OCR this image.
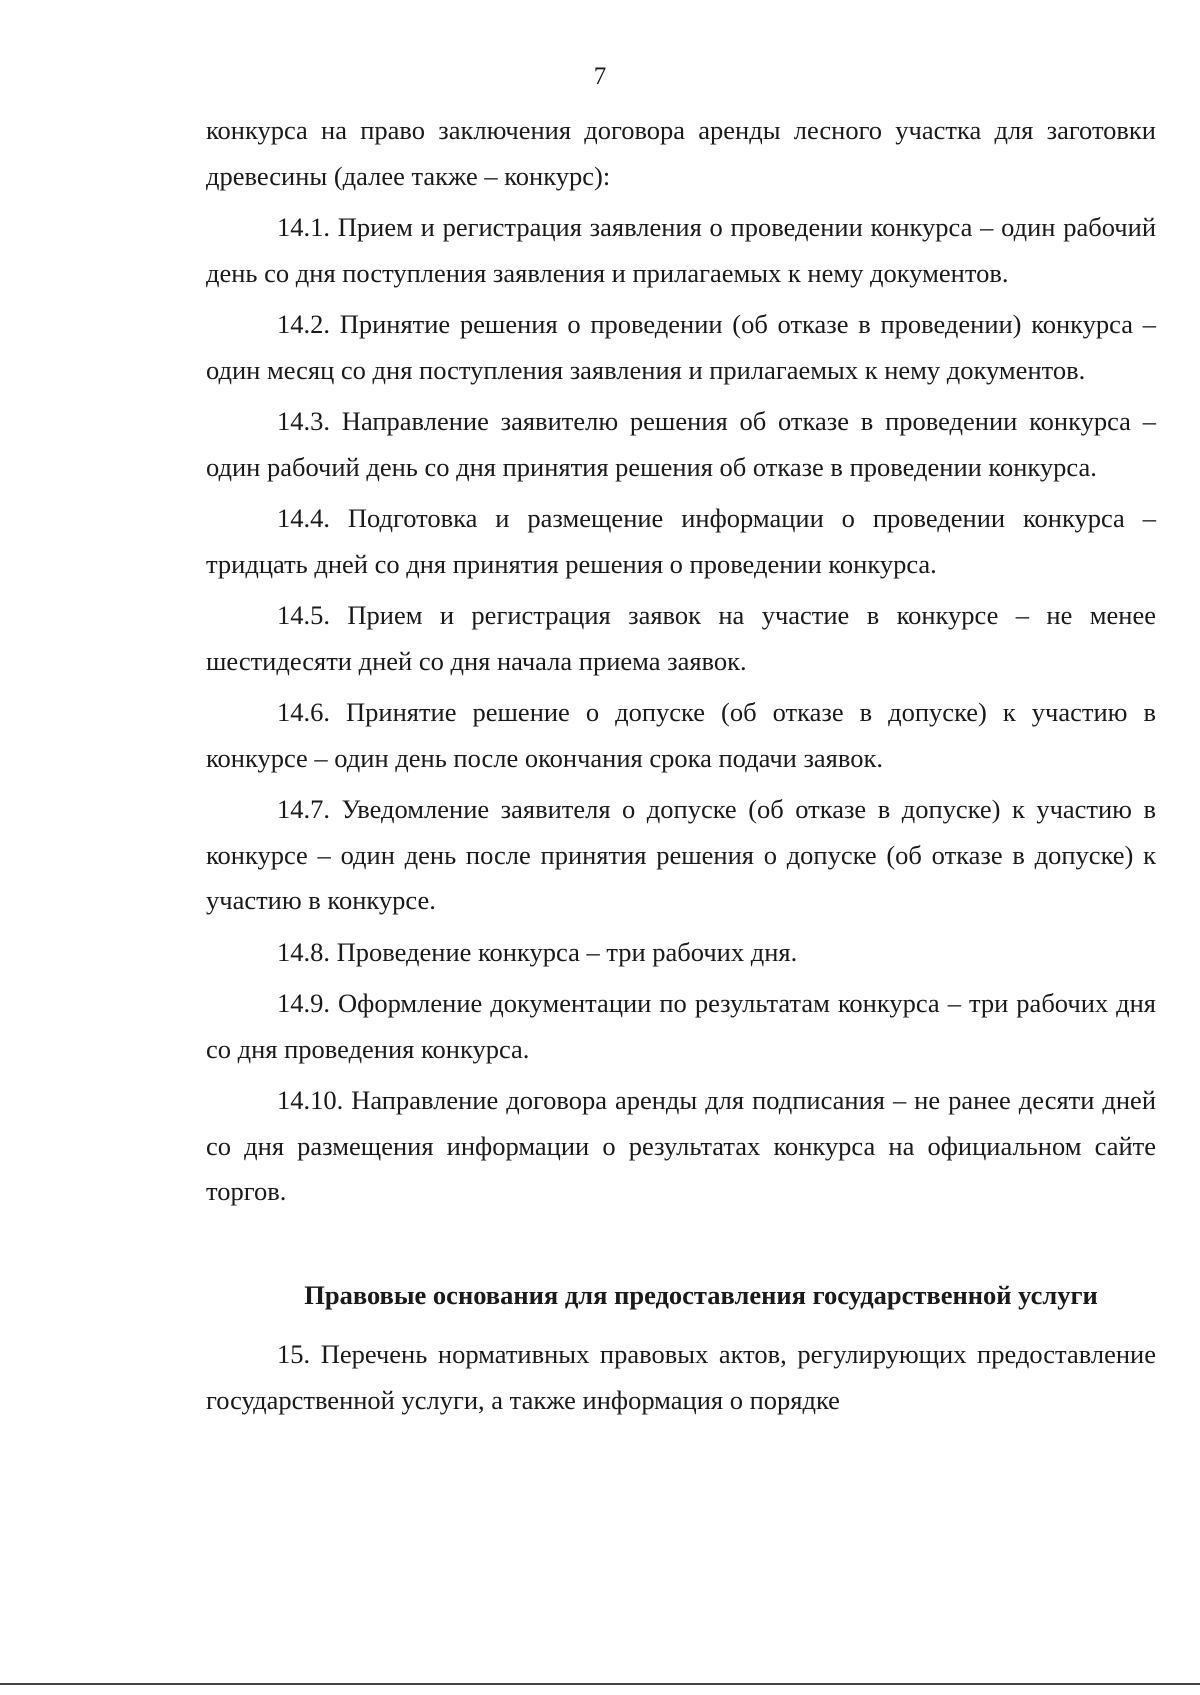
7

конкурса на право заключения договора аренды лесного участка для заготовки древесины (далее также – конкурс):

14.1. Прием и регистрация заявления о проведении конкурса – один рабочий день со дня поступления заявления и прилагаемых к нему документов.

14.2. Принятие решения о проведении (об отказе в проведении) конкурса – один месяц со дня поступления заявления и прилагаемых к нему документов.

14.3. Направление заявителю решения об отказе в проведении конкурса – один рабочий день со дня принятия решения об отказе в проведении конкурса.

14.4. Подготовка и размещение информации о проведении конкурса – тридцать дней со дня принятия решения о проведении конкурса.

14.5. Прием и регистрация заявок на участие в конкурсе – не менее шестидесяти дней со дня начала приема заявок.

14.6. Принятие решение о допуске (об отказе в допуске) к участию в конкурсе – один день после окончания срока подачи заявок.

14.7. Уведомление заявителя о допуске (об отказе в допуске) к участию в конкурсе – один день после принятия решения о допуске (об отказе в допуске) к участию в конкурсе.

14.8. Проведение конкурса – три рабочих дня.

14.9. Оформление документации по результатам конкурса – три рабочих дня со дня проведения конкурса.

14.10. Направление договора аренды для подписания – не ранее десяти дней со дня размещения информации о результатах конкурса на официальном сайте торгов.

Правовые основания для предоставления государственной услуги

15. Перечень нормативных правовых актов, регулирующих предоставление государственной услуги, а также информация о порядке
